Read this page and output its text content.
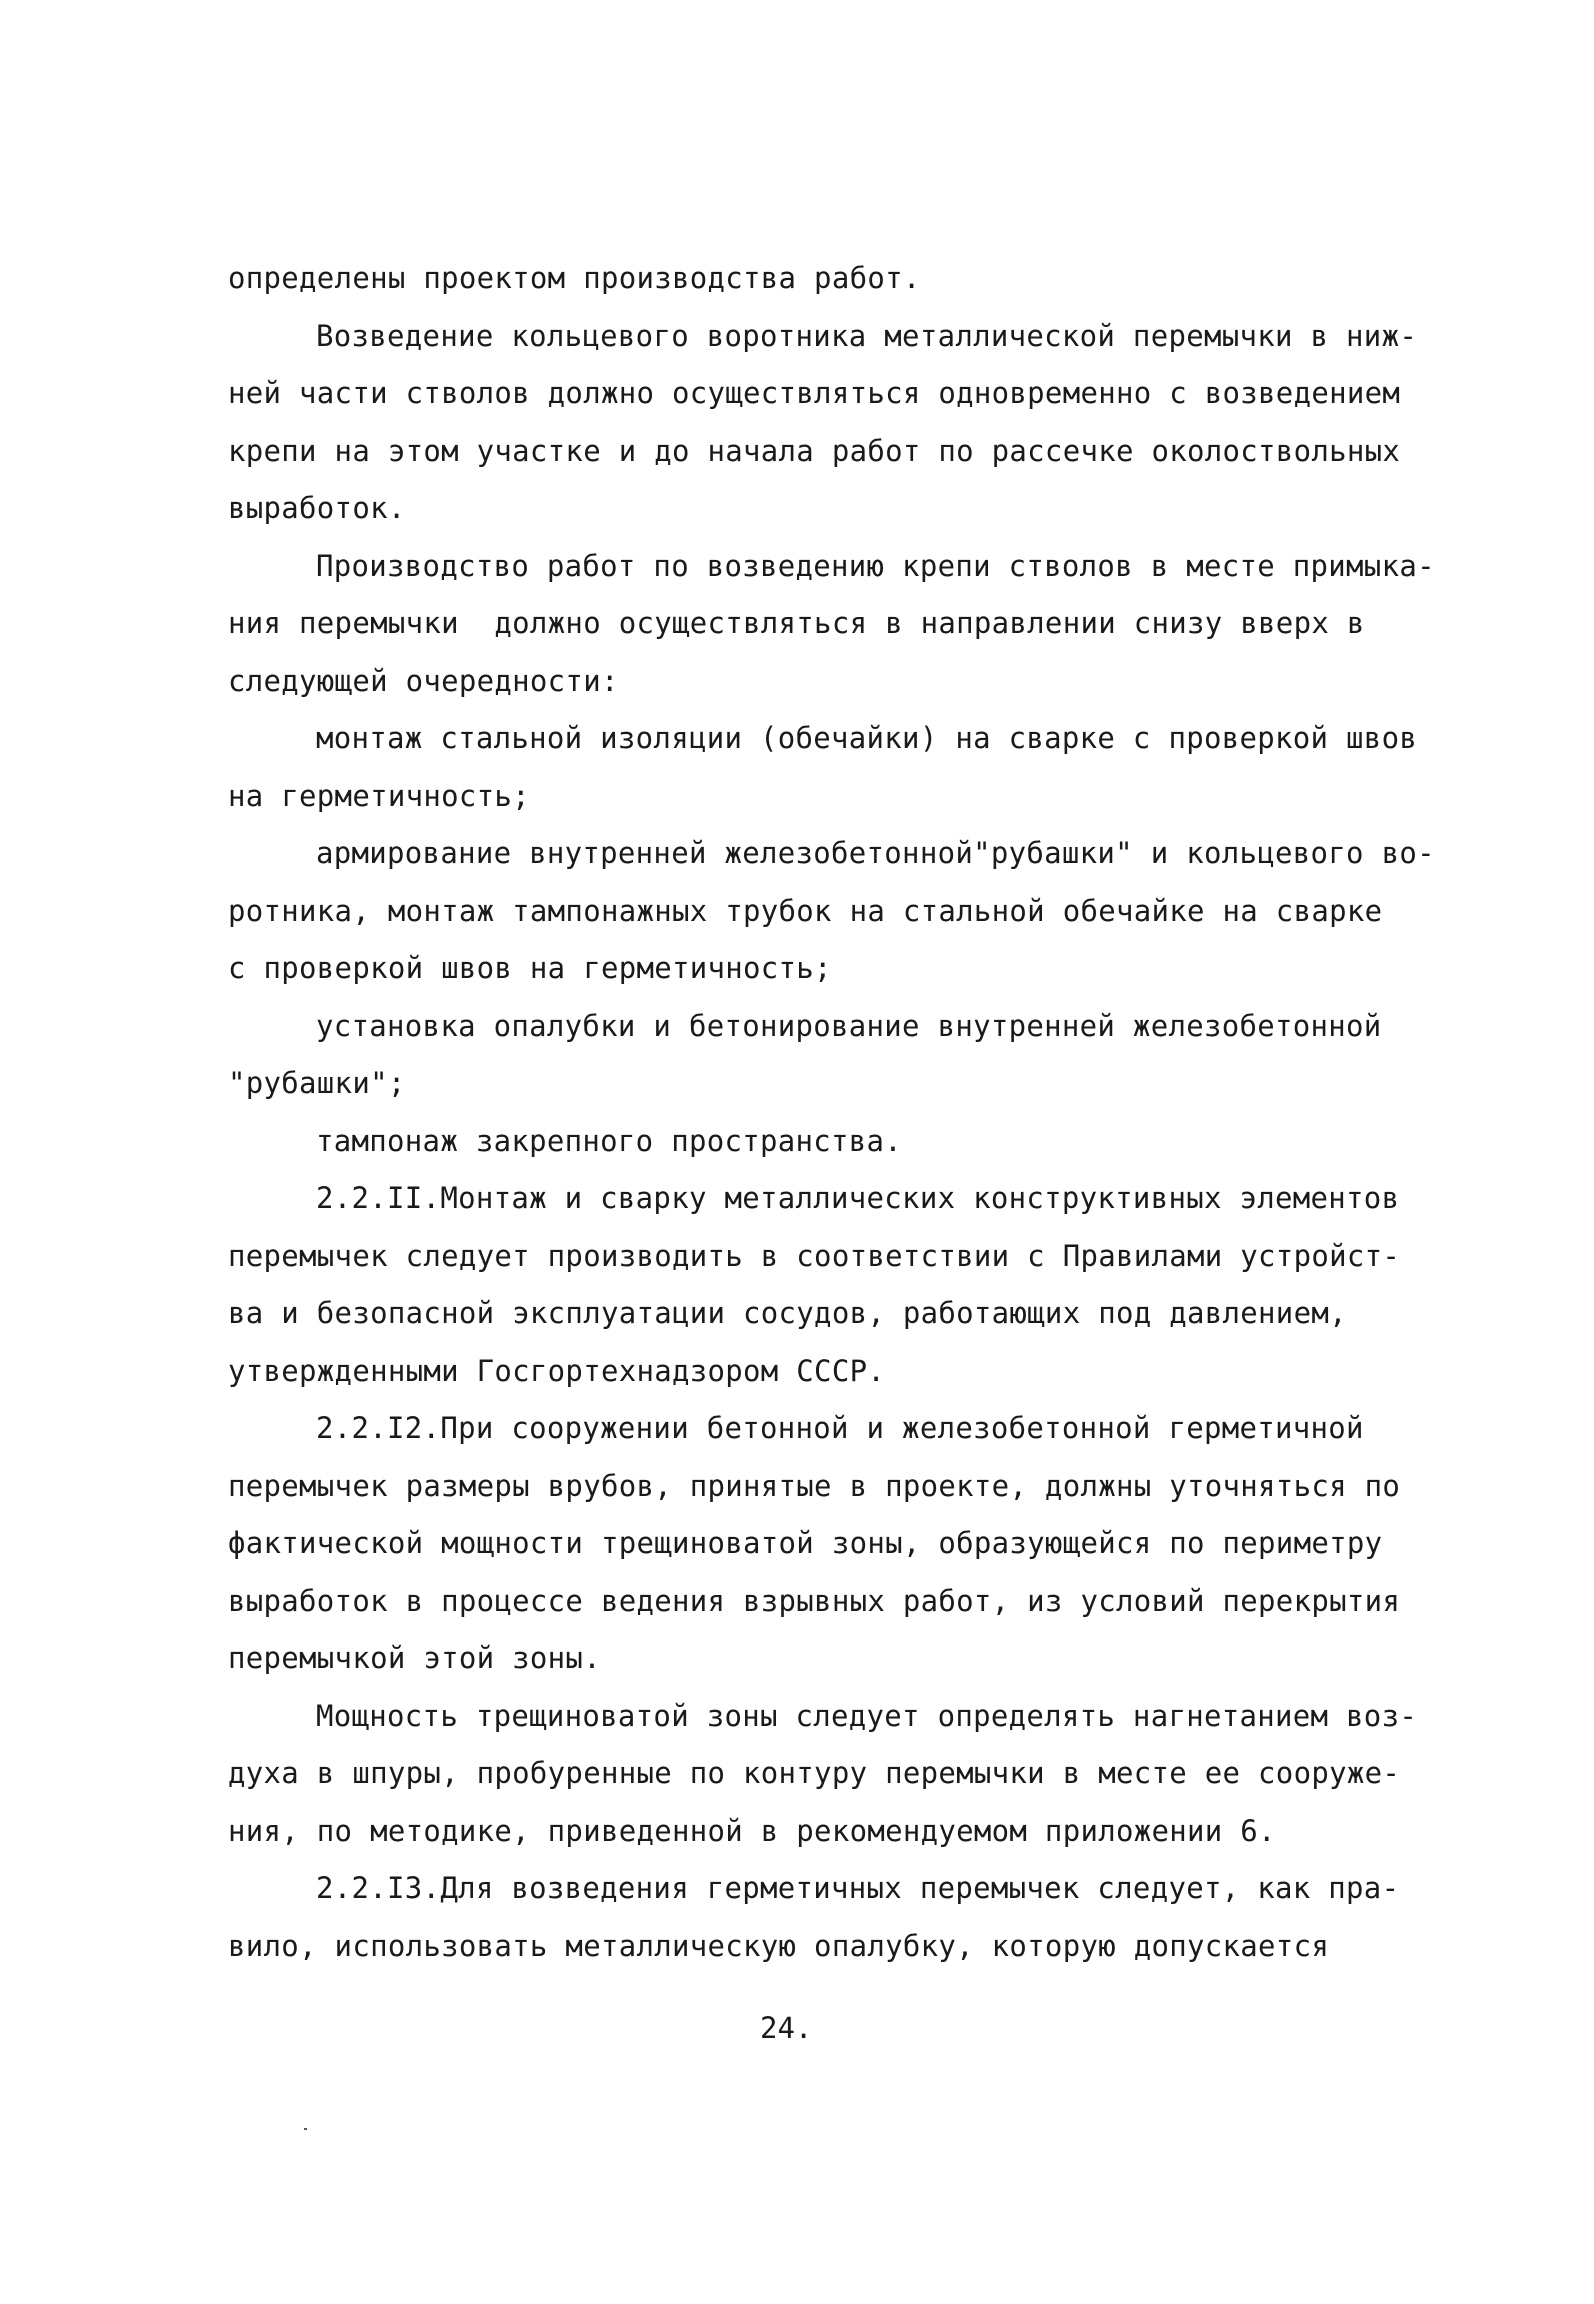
определены проектом производства работ.
Возведение кольцевого воротника металлической перемычки в ниж-
ней части стволов должно осуществляться одновременно с возведением
крепи на этом участке и до начала работ по рассечке околоствольных
выработок.
Производство работ по возведению крепи стволов в месте примыка-
ния перемычки  должно осуществляться в направлении снизу вверх в
следующей очередности:
монтаж стальной изоляции (обечайки) на сварке с проверкой швов
на герметичность;
армирование внутренней железобетонной"рубашки" и кольцевого во-
ротника, монтаж тампонажных трубок на стальной обечайке на сварке
с проверкой швов на герметичность;
установка опалубки и бетонирование внутренней железобетонной
"рубашки";
тампонаж закрепного пространства.
2.2.II.Монтаж и сварку металлических конструктивных элементов
перемычек следует производить в соответствии с Правилами устройст-
ва и безопасной эксплуатации сосудов, работающих под давлением,
утвержденными Госгортехнадзором СССР.
2.2.I2.При сооружении бетонной и железобетонной герметичной
перемычек размеры врубов, принятые в проекте, должны уточняться по
фактической мощности трещиноватой зоны, образующейся по периметру
выработок в процессе ведения взрывных работ, из условий перекрытия
перемычкой этой зоны.
Мощность трещиноватой зоны следует определять нагнетанием воз-
духа в шпуры, пробуренные по контуру перемычки в месте ее сооруже-
ния, по методике, приведенной в рекомендуемом приложении 6.
2.2.I3.Для возведения герметичных перемычек следует, как пра-
вило, использовать металлическую опалубку, которую допускается
24.
